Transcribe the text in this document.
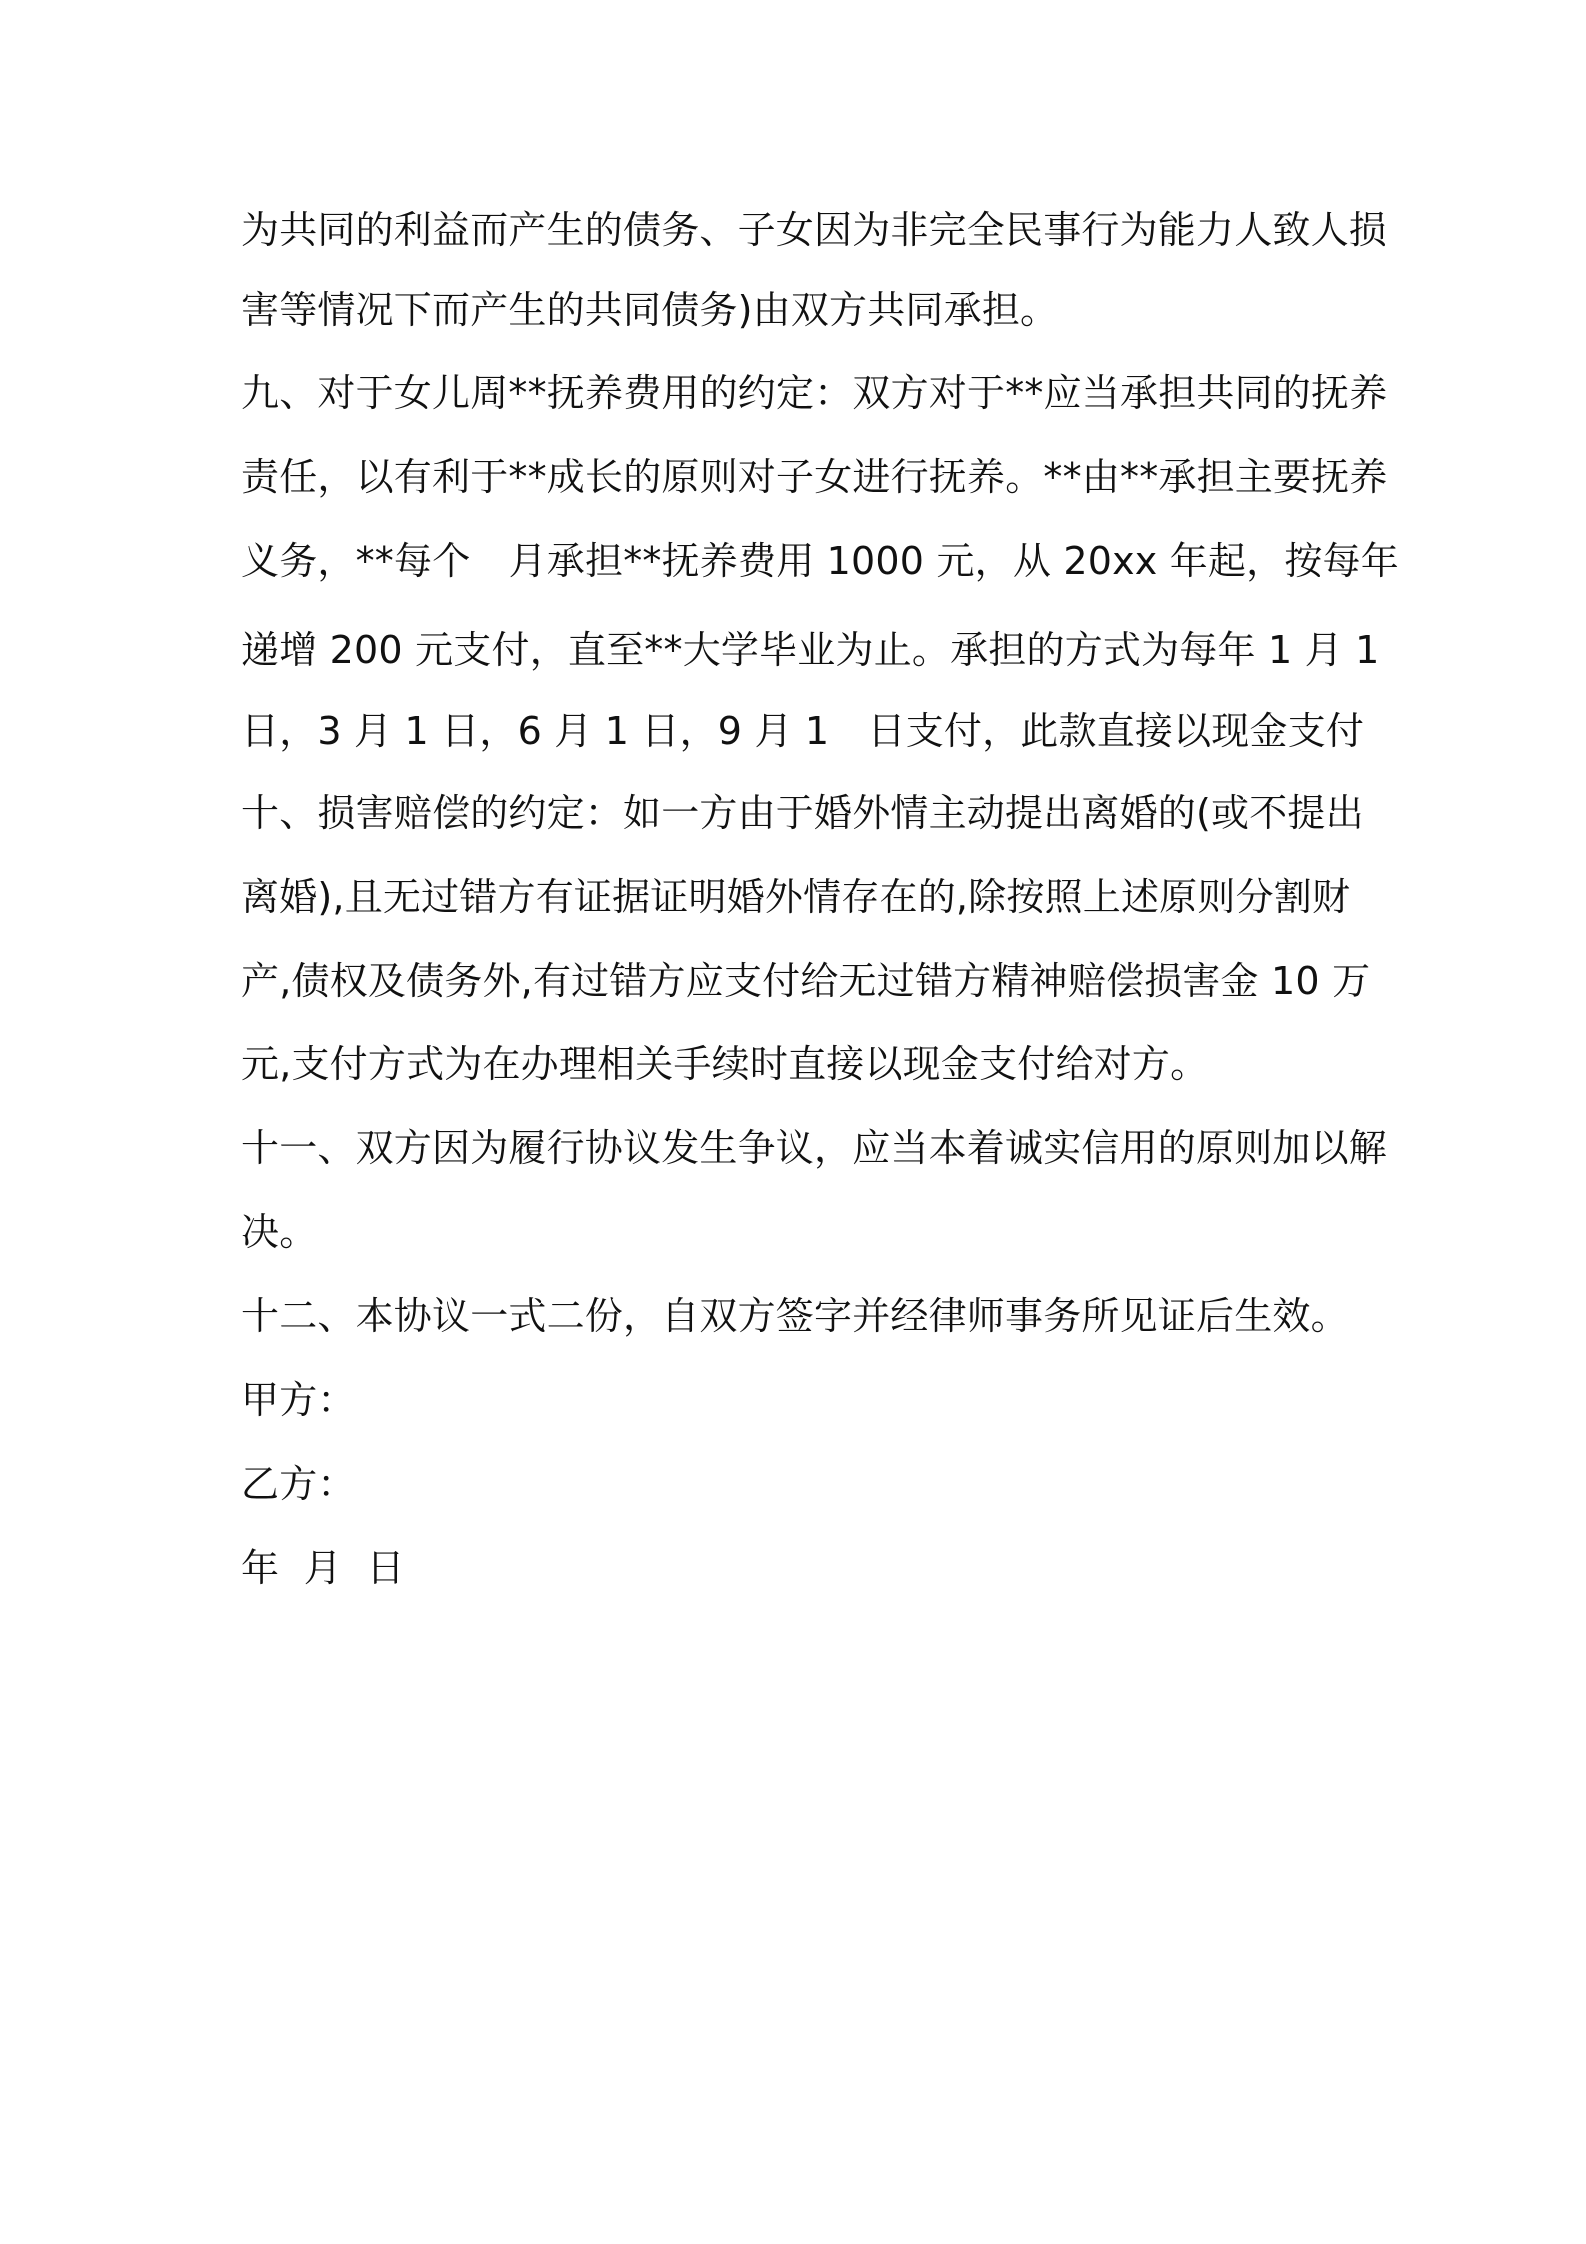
为共同的利益而产生的债务、子女因为非完全民事行为能力人致人损
害等情况下而产生的共同债务)由双方共同承担。
九、对于女儿周**抚养费用的约定：双方对于**应当承担共同的抚养
责任，以有利于**成长的原则对子女进行抚养。**由**承担主要抚养
义务，**每个　月承担**抚养费用 1000 元，从 20xx 年起，按每年
递增 200 元支付，直至**大学毕业为止。承担的方式为每年 1 月 1
日，3 月 1 日，6 月 1 日，9 月 1　日支付，此款直接以现金支付
十、损害赔偿的约定：如一方由于婚外情主动提出离婚的(或不提出
离婚),且无过错方有证据证明婚外情存在的,除按照上述原则分割财
产,债权及债务外,有过错方应支付给无过错方精神赔偿损害金 10 万
元,支付方式为在办理相关手续时直接以现金支付给对方。
十一、双方因为履行协议发生争议，应当本着诚实信用的原则加以解
决。
十二、本协议一式二份，自双方签字并经律师事务所见证后生效。
甲方：
乙方：
年  月  日
